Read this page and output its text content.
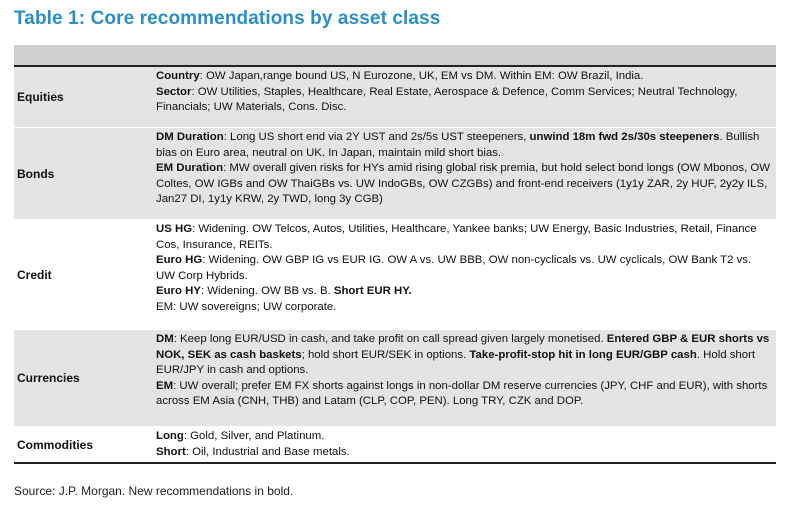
Table 1: Core recommendations by asset class
Equities

Country: OW Japan,range bound US, N Eurozone, UK, EM vs DM. Within EM: OW Brazil, India.

Sector: OW Utilities, Staples, Healthcare, Real Estate, Aerospace & Defence, Comm Services; Neutral Technology, Financials; UW Materials, Cons. Disc.

Bonds

DM Duration: Long US short end via 2Y UST and 2s/5s UST steepeners, unwind 18m fwd 2s/30s steepeners. Bullish bias on Euro area, neutral on UK. In Japan, maintain mild short bias.

EM Duration: MW overall given risks for HYs amid rising global risk premia, but hold select bond longs (OW Mbonos, OW Coltes, OW IGBs and OW ThaiGBs vs. UW IndoGBs, OW CZGBs) and front-end receivers (1y1y ZAR, 2y HUF, 2y2y ILS, Jan27 DI, 1y1y KRW, 2y TWD, long 3y CGB)

Credit

US HG: Widening. OW Telcos, Autos, Utilities, Healthcare, Yankee banks; UW Energy, Basic Industries, Retail, Finance Cos, Insurance, REITs.

Euro HG: Widening. OW GBP IG vs EUR IG. OW A vs. UW BBB, OW non-cyclicals vs. UW cyclicals, OW Bank T2 vs. UW Corp Hybrids.

Euro HY: Widening. OW BB vs. B. Short EUR HY.

EM: UW sovereigns; UW corporate.

Currencies

DM: Keep long EUR/USD in cash, and take profit on call spread given largely monetised. Entered GBP & EUR shorts vs NOK, SEK as cash baskets; hold short EUR/SEK in options. Take-profit-stop hit in long EUR/GBP cash. Hold short EUR/JPY in cash and options.

EM: UW overall; prefer EM FX shorts against longs in non-dollar DM reserve currencies (JPY, CHF and EUR), with shorts across EM Asia (CNH, THB) and Latam (CLP, COP, PEN). Long TRY, CZK and DOP.

Commodities

Long: Gold, Silver, and Platinum.

Short: Oil, Industrial and Base metals.

Source: J.P. Morgan. New recommendations in bold.
